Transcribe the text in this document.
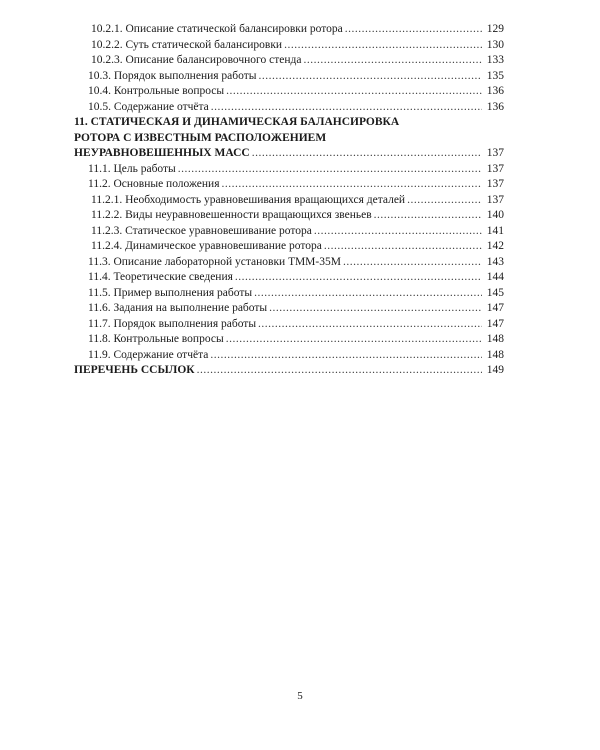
10.2.1. Описание статической балансировки ротора .....	129
10.2.2. Суть статической балансировки .....	130
10.2.3. Описание балансировочного стенда .....	133
10.3. Порядок выполнения работы .....	135
10.4. Контрольные вопросы .....	136
10.5. Содержание отчёта .....	136
11. СТАТИЧЕСКАЯ И ДИНАМИЧЕСКАЯ БАЛАНСИРОВКА
РОТОРА С ИЗВЕСТНЫМ РАСПОЛОЖЕНИЕМ
НЕУРАВНОВЕШЕННЫХ МАСС .....	137
11.1. Цель работы .....	137
11.2. Основные положения .....	137
11.2.1. Необходимость уравновешивания вращающихся деталей .....	137
11.2.2. Виды неуравновешенности вращающихся звеньев .....	140
11.2.3. Статическое уравновешивание ротора .....	141
11.2.4. Динамическое уравновешивание ротора .....	142
11.3. Описание лабораторной установки ТММ-35М .....	143
11.4. Теоретические сведения .....	144
11.5. Пример выполнения работы .....	145
11.6. Задания на выполнение работы .....	147
11.7. Порядок выполнения работы .....	147
11.8. Контрольные вопросы .....	148
11.9. Содержание отчёта .....	148
ПЕРЕЧЕНЬ ССЫЛОК .....	149
5
